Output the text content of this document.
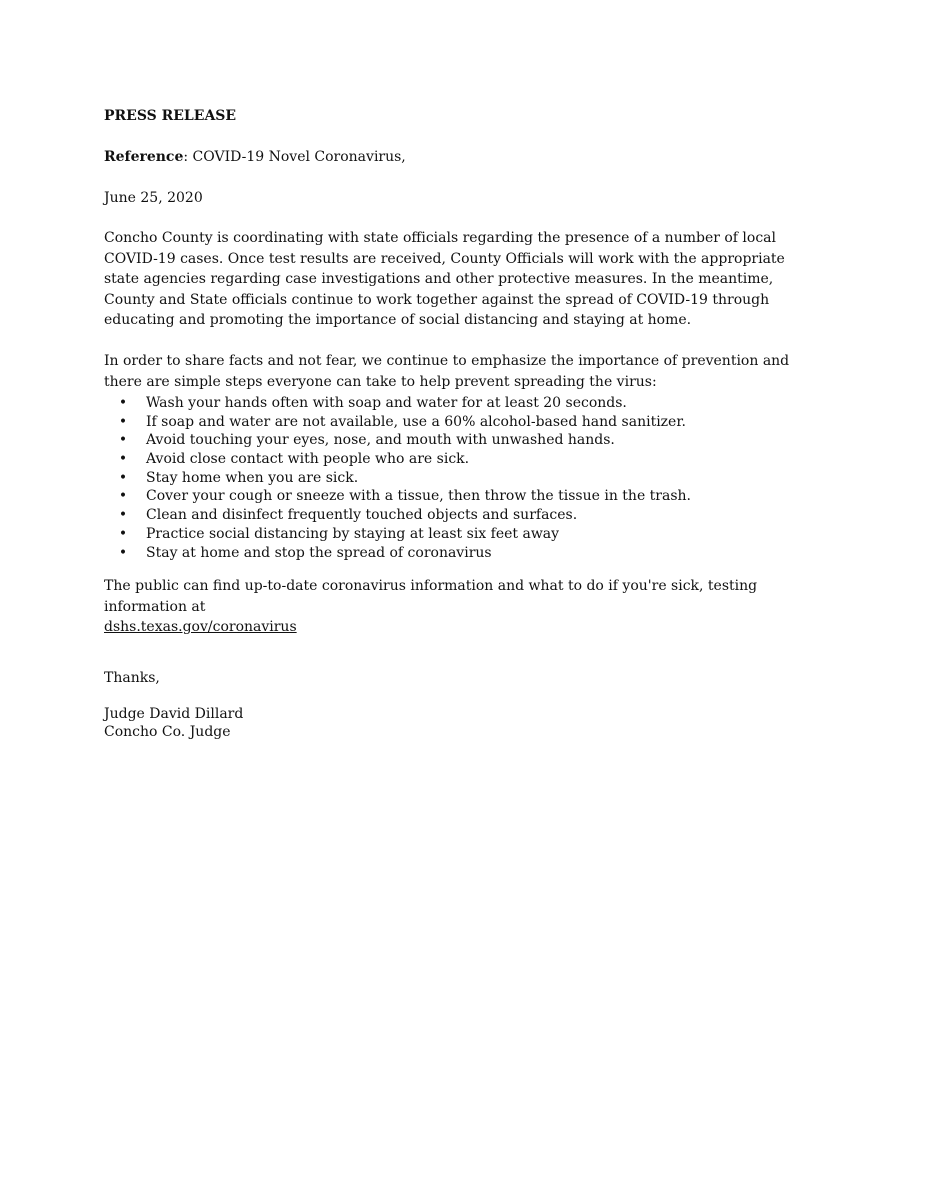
PRESS RELEASE

Reference: COVID-19 Novel Coronavirus,

June 25, 2020

Concho County is coordinating with state officials regarding the presence of a number of local COVID-19 cases. Once test results are received, County Officials will work with the appropriate state agencies regarding case investigations and other protective measures. In the meantime, County and State officials continue to work together against the spread of COVID-19 through educating and promoting the importance of social distancing and staying at home.

In order to share facts and not fear, we continue to emphasize the importance of prevention and there are simple steps everyone can take to help prevent spreading the virus:

• Wash your hands often with soap and water for at least 20 seconds.
• If soap and water are not available, use a 60% alcohol-based hand sanitizer.
• Avoid touching your eyes, nose, and mouth with unwashed hands.
• Avoid close contact with people who are sick.
• Stay home when you are sick.
• Cover your cough or sneeze with a tissue, then throw the tissue in the trash.
• Clean and disinfect frequently touched objects and surfaces.
• Practice social distancing by staying at least six feet away
• Stay at home and stop the spread of coronavirus
The public can find up-to-date coronavirus information and what to do if you're sick, testing information at
dshs.texas.gov/coronavirus

Thanks,

Judge David Dillard
Concho Co. Judge
